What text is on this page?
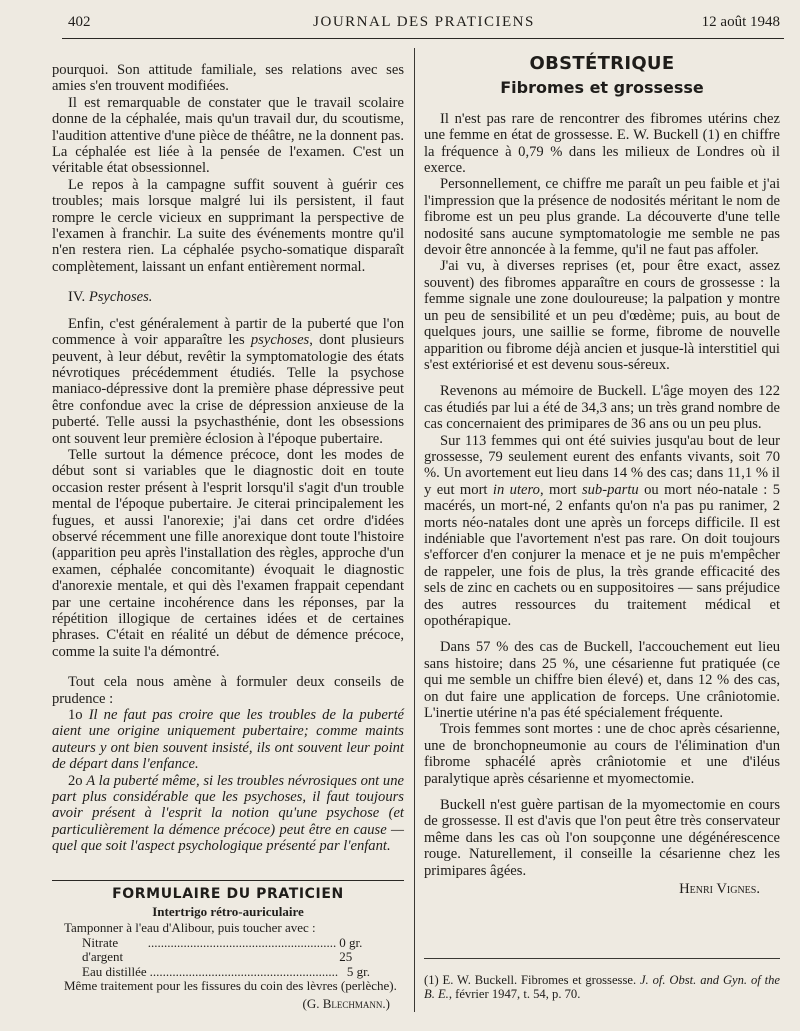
402	JOURNAL DES PRATICIENS	12 août 1948

pourquoi. Son attitude familiale, ses relations avec ses amies s'en trouvent modifiées.

Il est remarquable de constater que le travail scolaire donne de la céphalée, mais qu'un travail dur, du scoutisme, l'audition attentive d'une pièce de théâtre, ne la donnent pas. La céphalée est liée à la pensée de l'examen. C'est un véritable état obsessionnel.

Le repos à la campagne suffit souvent à guérir ces troubles; mais lorsque malgré lui ils persistent, il faut rompre le cercle vicieux en supprimant la perspective de l'examen à franchir. La suite des événements montre qu'il n'en restera rien. La céphalée psycho-somatique disparaît complètement, laissant un enfant entièrement normal.

IV. Psychoses.

Enfin, c'est généralement à partir de la puberté que l'on commence à voir apparaître les psychoses, dont plusieurs peuvent, à leur début, revêtir la symptomatologie des états névrotiques précédemment étudiés. Telle la psychose maniaco-dépressive dont la première phase dépressive peut être confondue avec la crise de dépression anxieuse de la puberté. Telle aussi la psychasthénie, dont les obsessions ont souvent leur première éclosion à l'époque pubertaire.

Telle surtout la démence précoce, dont les modes de début sont si variables que le diagnostic doit en toute occasion rester présent à l'esprit lorsqu'il s'agit d'un trouble mental de l'époque pubertaire. Je citerai principalement les fugues, et aussi l'anorexie; j'ai dans cet ordre d'idées observé récemment une fille anorexique dont toute l'histoire (apparition peu après l'installation des règles, approche d'un examen, céphalée concomitante) évoquait le diagnostic d'anorexie mentale, et qui dès l'examen frappait cependant par une certaine incohérence dans les réponses, par la répétition illogique de certaines idées et de certaines phrases. C'était en réalité un début de démence précoce, comme la suite l'a démontré.

Tout cela nous amène à formuler deux conseils de prudence :

1o Il ne faut pas croire que les troubles de la puberté aient une origine uniquement pubertaire; comme maints auteurs y ont bien souvent insisté, ils ont souvent leur point de départ dans l'enfance.

2o A la puberté même, si les troubles névrosiques ont une part plus considérable que les psychoses, il faut toujours avoir présent à l'esprit la notion qu'une psychose (et particulièrement la démence précoce) peut être en cause — quel que soit l'aspect psychologique présenté par l'enfant.

FORMULAIRE DU PRATICIEN
Intertrigo rétro-auriculaire

Tamponner à l'eau d'Alibour, puis toucher avec :

Nitrate d'argent
.......................................................... 0 gr. 25
Eau distillée .......................................................... 5 gr.

Même traitement pour les fissures du coin des lèvres (perlèche).

(G. Blechmann.)
OBSTÉTRIQUE
Fibromes et grossesse

Il n'est pas rare de rencontrer des fibromes utérins chez une femme en état de grossesse. E. W. Buckell (1) en chiffre la fréquence à 0,79 % dans les milieux de Londres où il exerce.

Personnellement, ce chiffre me paraît un peu faible et j'ai l'impression que la présence de nodosités méritant le nom de fibrome est un peu plus grande. La découverte d'une telle nodosité sans aucune symptomatologie me semble ne pas devoir être annoncée à la femme, qu'il ne faut pas affoler.

J'ai vu, à diverses reprises (et, pour être exact, assez souvent) des fibromes apparaître en cours de grossesse : la femme signale une zone douloureuse; la palpation y montre un peu de sensibilité et un peu d'œdème; puis, au bout de quelques jours, une saillie se forme, fibrome de nouvelle apparition ou fibrome déjà ancien et jusque-là interstitiel qui s'est extériorisé et est devenu sous-séreux.

Revenons au mémoire de Buckell. L'âge moyen des 122 cas étudiés par lui a été de 34,3 ans; un très grand nombre de cas concernaient des primipares de 36 ans ou un peu plus.

Sur 113 femmes qui ont été suivies jusqu'au bout de leur grossesse, 79 seulement eurent des enfants vivants, soit 70 %. Un avortement eut lieu dans 14 % des cas; dans 11,1 % il y eut mort in utero, mort sub-partu ou mort néo-natale : 5 macérés, un mort-né, 2 enfants qu'on n'a pas pu ranimer, 2 morts néo-natales dont une après un forceps difficile. Il est indéniable que l'avortement n'est pas rare. On doit toujours s'efforcer d'en conjurer la menace et je ne puis m'empêcher de rappeler, une fois de plus, la très grande efficacité des sels de zinc en cachets ou en suppositoires — sans préjudice des autres ressources du traitement médical et opothérapique.

Dans 57 % des cas de Buckell, l'accouchement eut lieu sans histoire; dans 25 %, une césarienne fut pratiquée (ce qui me semble un chiffre bien élevé) et, dans 12 % des cas, on dut faire une application de forceps. Une crâniotomie. L'inertie utérine n'a pas été spécialement fréquente.

Trois femmes sont mortes : une de choc après césarienne, une de bronchopneumonie au cours de l'élimination d'un fibrome sphacélé après crâniotomie et une d'iléus paralytique après césarienne et myomectomie.

Buckell n'est guère partisan de la myomectomie en cours de grossesse. Il est d'avis que l'on peut être très conservateur même dans les cas où l'on soupçonne une dégénérescence rouge. Naturellement, il conseille la césarienne chez les primipares âgées.

Henri Vignes.
(1) E. W. Buckell. Fibromes et grossesse. J. of. Obst. and Gyn. of the B. E., février 1947, t. 54, p. 70.
